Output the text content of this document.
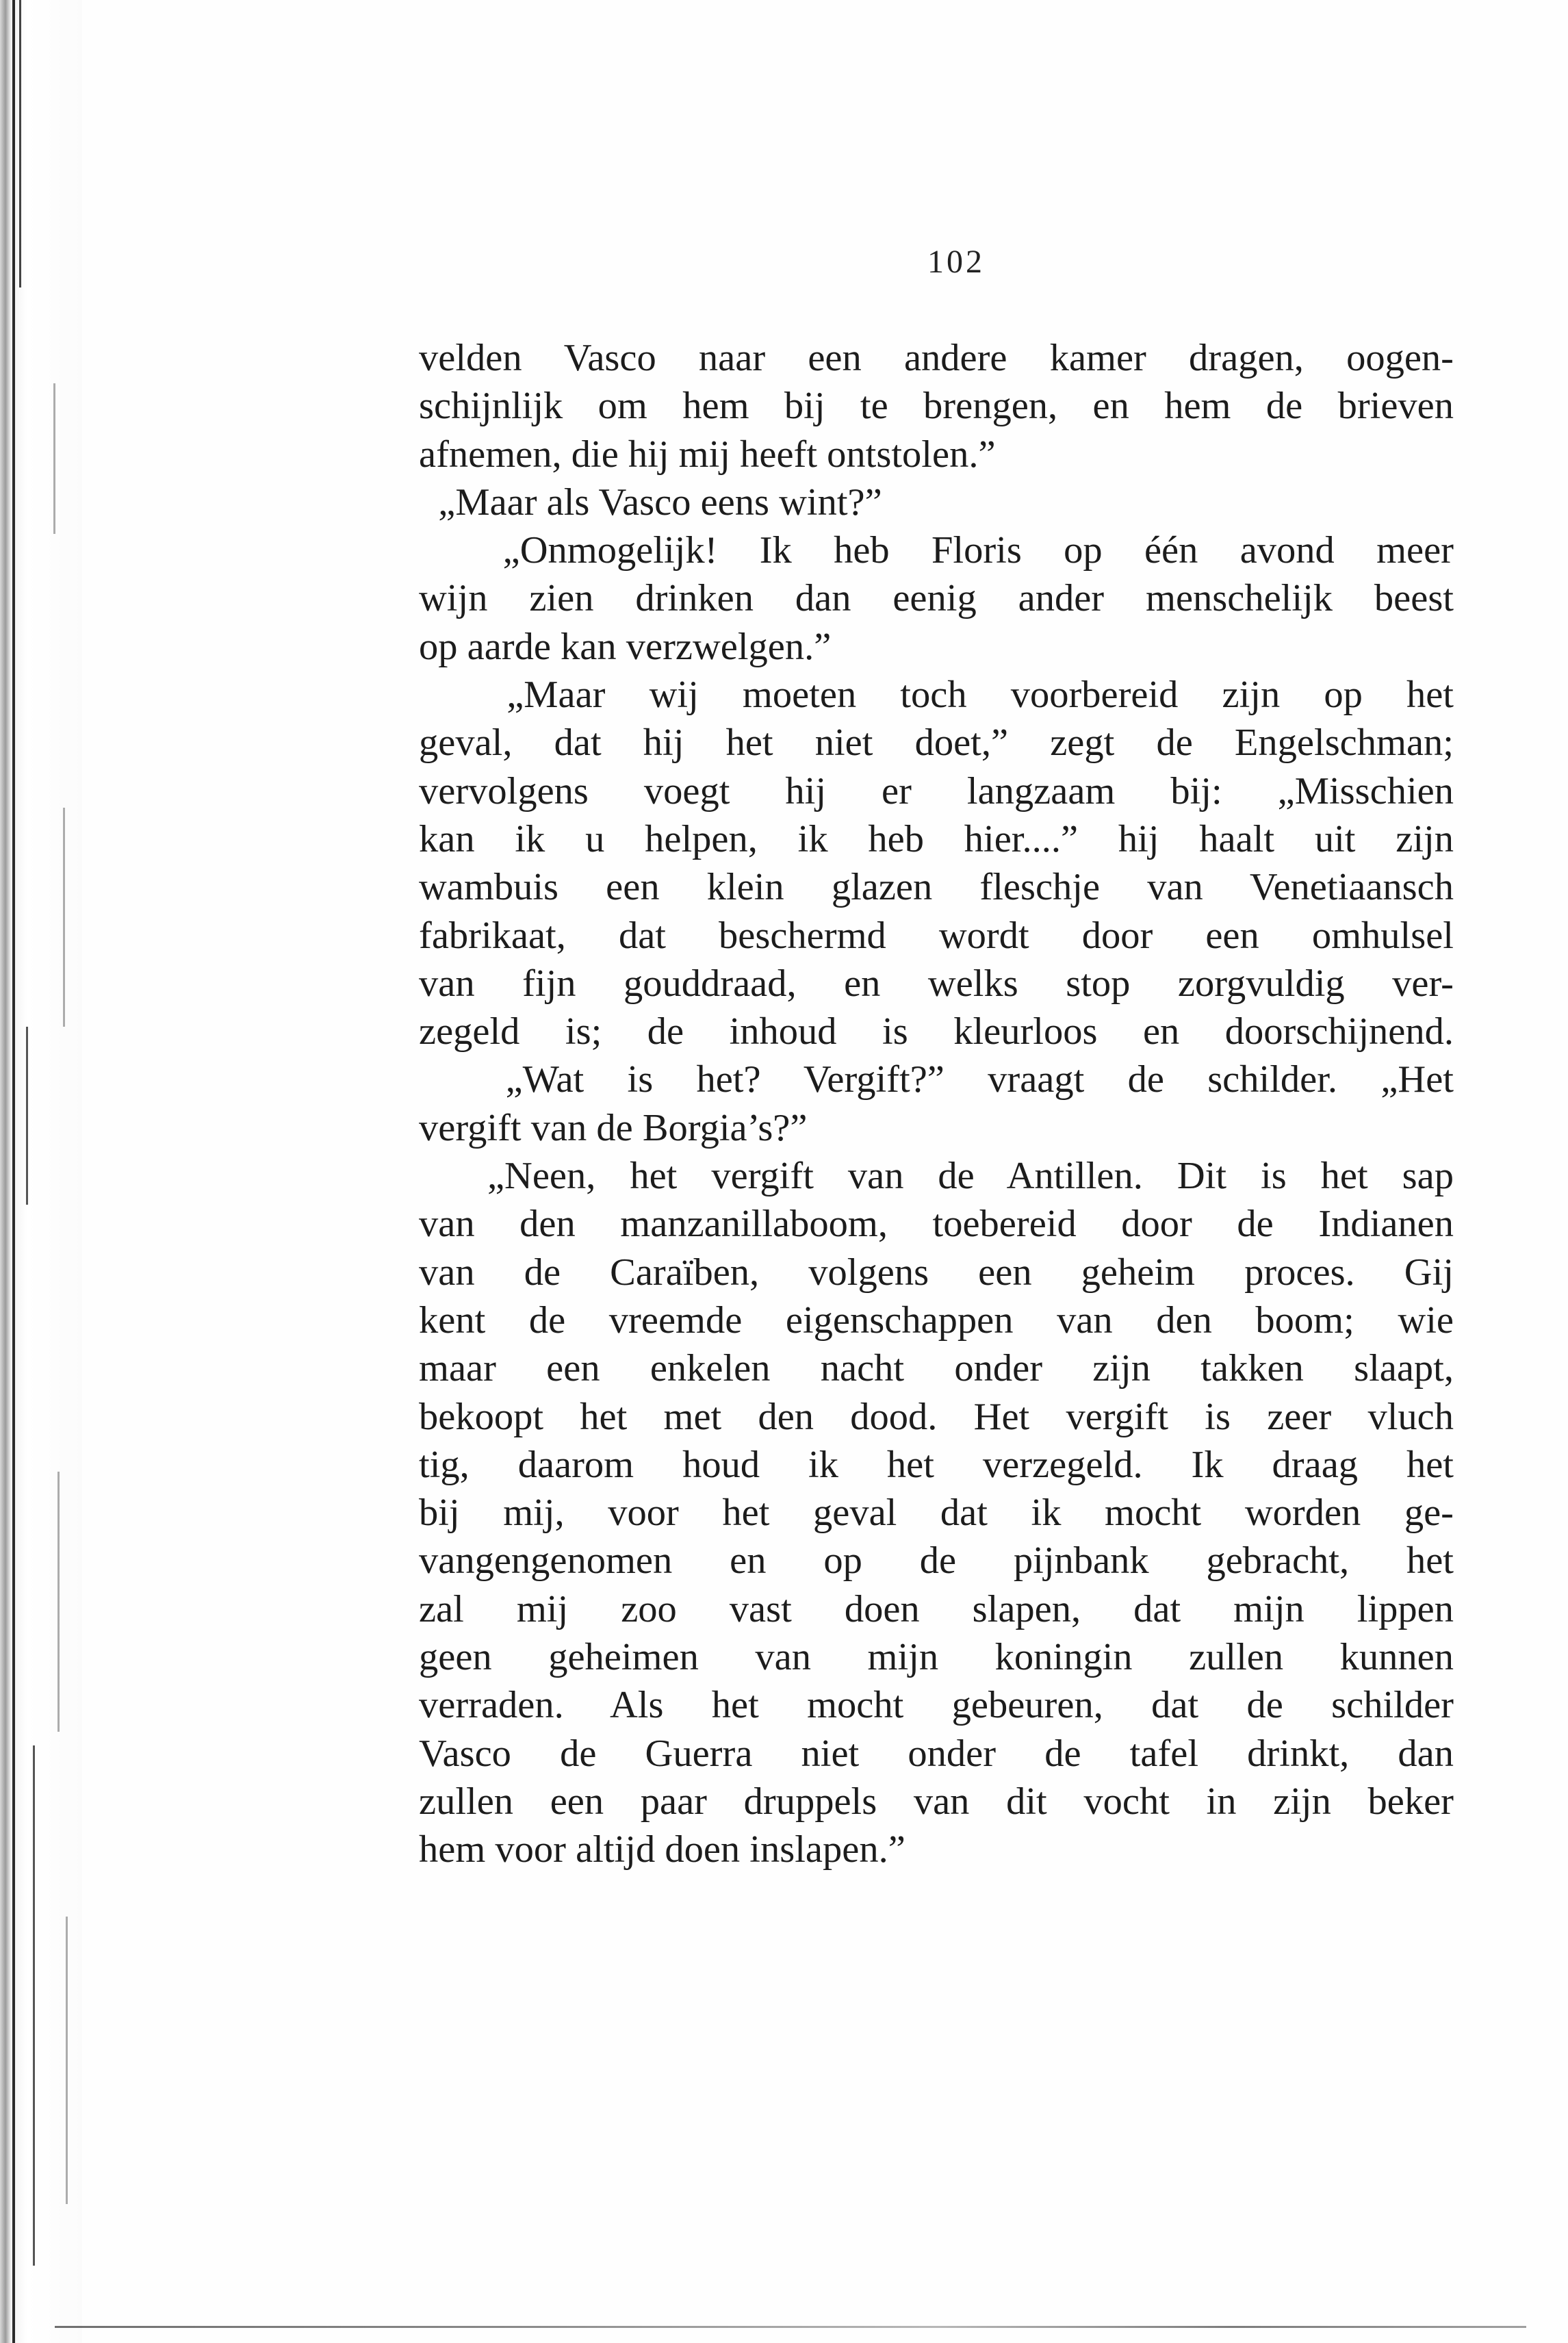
102
velden Vasco naar een andere kamer dragen, oogen-
schijnlijk om hem bij te brengen, en hem de brieven
afnemen, die hij mij heeft ontstolen.”
„Maar als Vasco eens wint?”
„Onmogelijk! Ik heb Floris op één avond meer
wijn zien drinken dan eenig ander menschelijk beest
op aarde kan verzwelgen.”
„Maar wij moeten toch voorbereid zijn op het
geval, dat hij het niet doet,” zegt de Engelschman;
vervolgens voegt hij er langzaam bij: „Misschien
kan ik u helpen, ik heb hier....” hij haalt uit zijn
wambuis een klein glazen fleschje van Venetiaansch
fabrikaat, dat beschermd wordt door een omhulsel
van fijn gouddraad, en welks stop zorgvuldig ver-
zegeld is; de inhoud is kleurloos en doorschijnend.
„Wat is het? Vergift?” vraagt de schilder. „Het
vergift van de Borgia’s?”
„Neen, het vergift van de Antillen. Dit is het sap
van den manzanillaboom, toebereid door de Indianen
van de Caraïben, volgens een geheim proces. Gij
kent de vreemde eigenschappen van den boom; wie
maar een enkelen nacht onder zijn takken slaapt,
bekoopt het met den dood. Het vergift is zeer vluch
tig, daarom houd ik het verzegeld. Ik draag het
bij mij, voor het geval dat ik mocht worden ge-
vangengenomen en op de pijnbank gebracht, het
zal mij zoo vast doen slapen, dat mijn lippen
geen geheimen van mijn koningin zullen kunnen
verraden. Als het mocht gebeuren, dat de schilder
Vasco de Guerra niet onder de tafel drinkt, dan
zullen een paar druppels van dit vocht in zijn beker
hem voor altijd doen inslapen.”
